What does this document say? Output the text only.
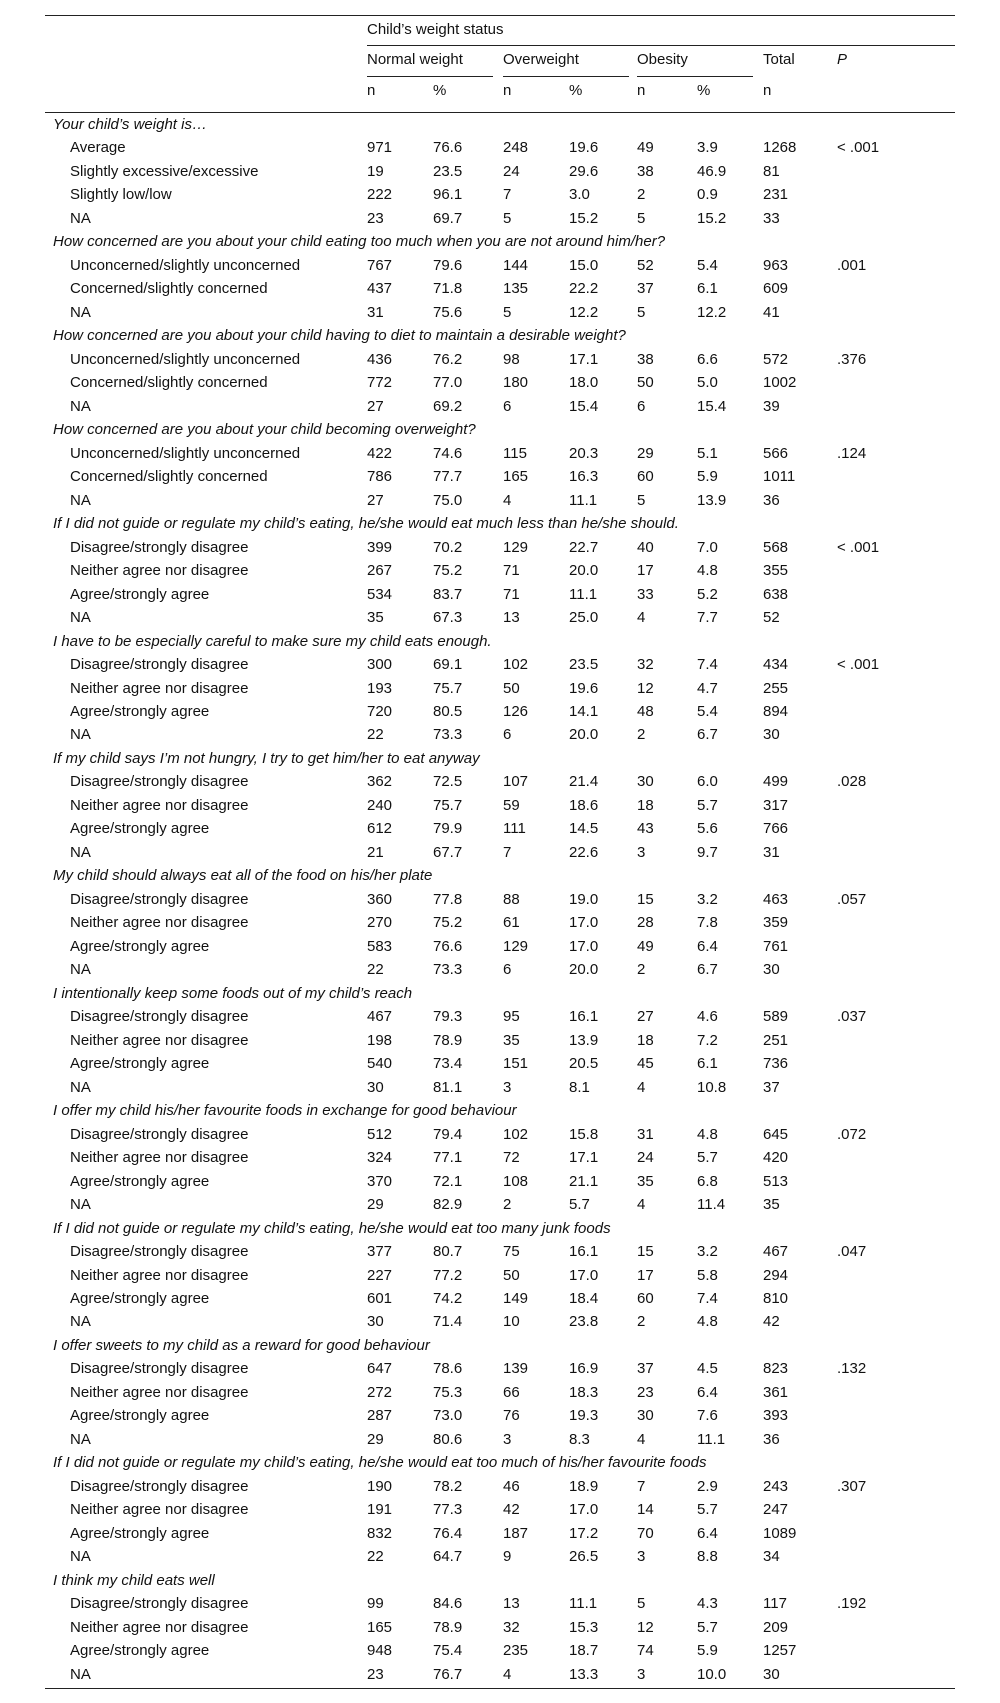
Child’s weight status
Normal weight	Overweight	Obesity	Total	P
n	%	n	%	n	%	n
Your child’s weight is…
Average	971	76.6	248	19.6	49	3.9	1268	< .001
Slightly excessive/excessive	19	23.5	24	29.6	38	46.9 81
Slightly low/low	222	96.1	7	3.0	2	0.9	231
NA	23	69.7	5	15.2	5	15.2 33
How concerned are you about your child eating too much when you are not around him/her?
Unconcerned/slightly unconcerned	767	79.6	144	15.0	52	5.4	963	.001
Concerned/slightly concerned	437	71.8	135	22.2	37	6.1	609
NA	31	75.6	5	12.2	5	12.2 41
How concerned are you about your child having to diet to maintain a desirable weight?
Unconcerned/slightly unconcerned	436	76.2	98	17.1	38	6.6	572	.376
Concerned/slightly concerned	772	77.0	180	18.0	50	5.0	1002
NA	27	69.2	6	15.4	6	15.4 39
How concerned are you about your child becoming overweight?
Unconcerned/slightly unconcerned	422	74.6	115	20.3	29	5.1	566	.124
Concerned/slightly concerned	786	77.7	165	16.3	60	5.9	1011
NA	27	75.0	4	11.1	5	13.9 36
If I did not guide or regulate my child’s eating, he/she would eat much less than he/she should.
Disagree/strongly disagree	399	70.2	129	22.7	40	7.0	568	< .001
Neither agree nor disagree	267	75.2	71	20.0	17	4.8	355
Agree/strongly agree	534	83.7	71	11.1	33	5.2	638
NA	35	67.3	13	25.0	4	7.7	52
I have to be especially careful to make sure my child eats enough.
Disagree/strongly disagree	300	69.1	102	23.5	32	7.4	434	< .001
Neither agree nor disagree	193	75.7	50	19.6	12	4.7	255
Agree/strongly agree	720	80.5	126	14.1	48	5.4	894
NA	22	73.3	6	20.0	2	6.7	30
If my child says I’m not hungry, I try to get him/her to eat anyway
Disagree/strongly disagree	362	72.5	107	21.4	30	6.0	499	.028
Neither agree nor disagree	240	75.7	59	18.6	18	5.7	317
Agree/strongly agree	612	79.9	111	14.5	43	5.6	766
NA	21	67.7	7	22.6	3	9.7	31
My child should always eat all of the food on his/her plate
Disagree/strongly disagree	360	77.8	88	19.0	15	3.2	463	.057
Neither agree nor disagree	270	75.2	61	17.0	28	7.8	359
Agree/strongly agree	583	76.6	129	17.0	49	6.4	761
NA	22	73.3	6	20.0	2	6.7	30
I intentionally keep some foods out of my child’s reach
Disagree/strongly disagree	467	79.3	95	16.1	27	4.6	589	.037
Neither agree nor disagree	198	78.9	35	13.9	18	7.2	251
Agree/strongly agree	540	73.4	151	20.5	45	6.1	736
NA	30	81.1	3	8.1	4	10.8 37
I offer my child his/her favourite foods in exchange for good behaviour
Disagree/strongly disagree	512	79.4	102	15.8	31	4.8	645	.072
Neither agree nor disagree	324	77.1	72	17.1	24	5.7	420
Agree/strongly agree	370	72.1	108	21.1	35	6.8	513
NA	29	82.9	2	5.7	4	11.4	35
If I did not guide or regulate my child’s eating, he/she would eat too many junk foods
Disagree/strongly disagree	377	80.7	75	16.1	15	3.2	467	.047
Neither agree nor disagree	227	77.2	50	17.0	17	5.8	294
Agree/strongly agree	601	74.2	149	18.4	60	7.4	810
NA	30	71.4	10	23.8	2	4.8	42
I offer sweets to my child as a reward for good behaviour
Disagree/strongly disagree	647	78.6	139	16.9	37	4.5	823	.132
Neither agree nor disagree	272	75.3	66	18.3	23	6.4	361
Agree/strongly agree	287	73.0	76	19.3	30	7.6	393
NA	29	80.6	3	8.3	4	11.1	36
If I did not guide or regulate my child’s eating, he/she would eat too much of his/her favourite foods
Disagree/strongly disagree	190	78.2	46	18.9	7	2.9	243	.307
Neither agree nor disagree	191	77.3	42	17.0	14	5.7	247
Agree/strongly agree	832	76.4	187	17.2	70	6.4	1089
NA	22	64.7	9	26.5	3	8.8	34
I think my child eats well
Disagree/strongly disagree	99	84.6	13	11.1	5	4.3	117	.192
Neither agree nor disagree	165	78.9	32	15.3	12	5.7	209
Agree/strongly agree	948	75.4	235	18.7	74	5.9	1257
NA	23	76.7	4	13.3	3	10.0 30
